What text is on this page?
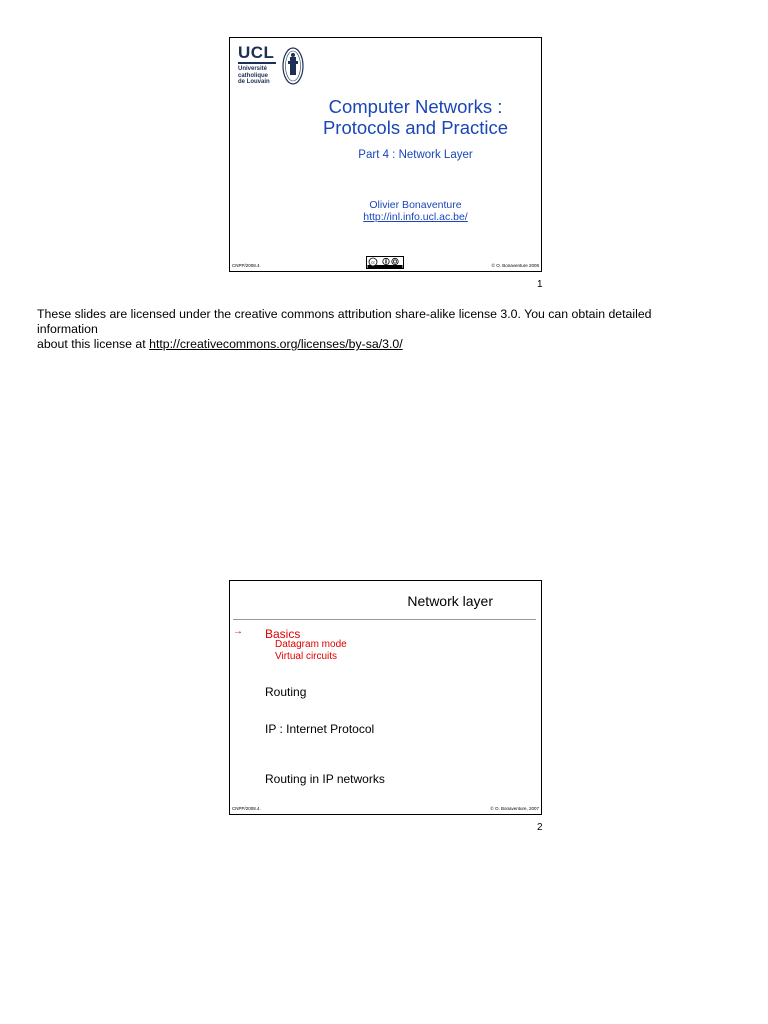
UCL
Université
catholique
de Louvain
Computer Networks :
Protocols and Practice
Part 4 : Network Layer
Olivier Bonaventure
http://inl.info.ucl.ac.be/
cc
CNPP/2008.4.	© O. Bonaventure 2008
1
These slides are licensed under the creative commons attribution share-alike license 3.0. You can obtain detailed information
about this license at http://creativecommons.org/licenses/by-sa/3.0/
Network layer
→ Basics
Datagram mode
Virtual circuits
Routing
IP : Internet Protocol
Routing in IP networks
CNPP/2008.4.	© O. Bonaventure, 2007
2
